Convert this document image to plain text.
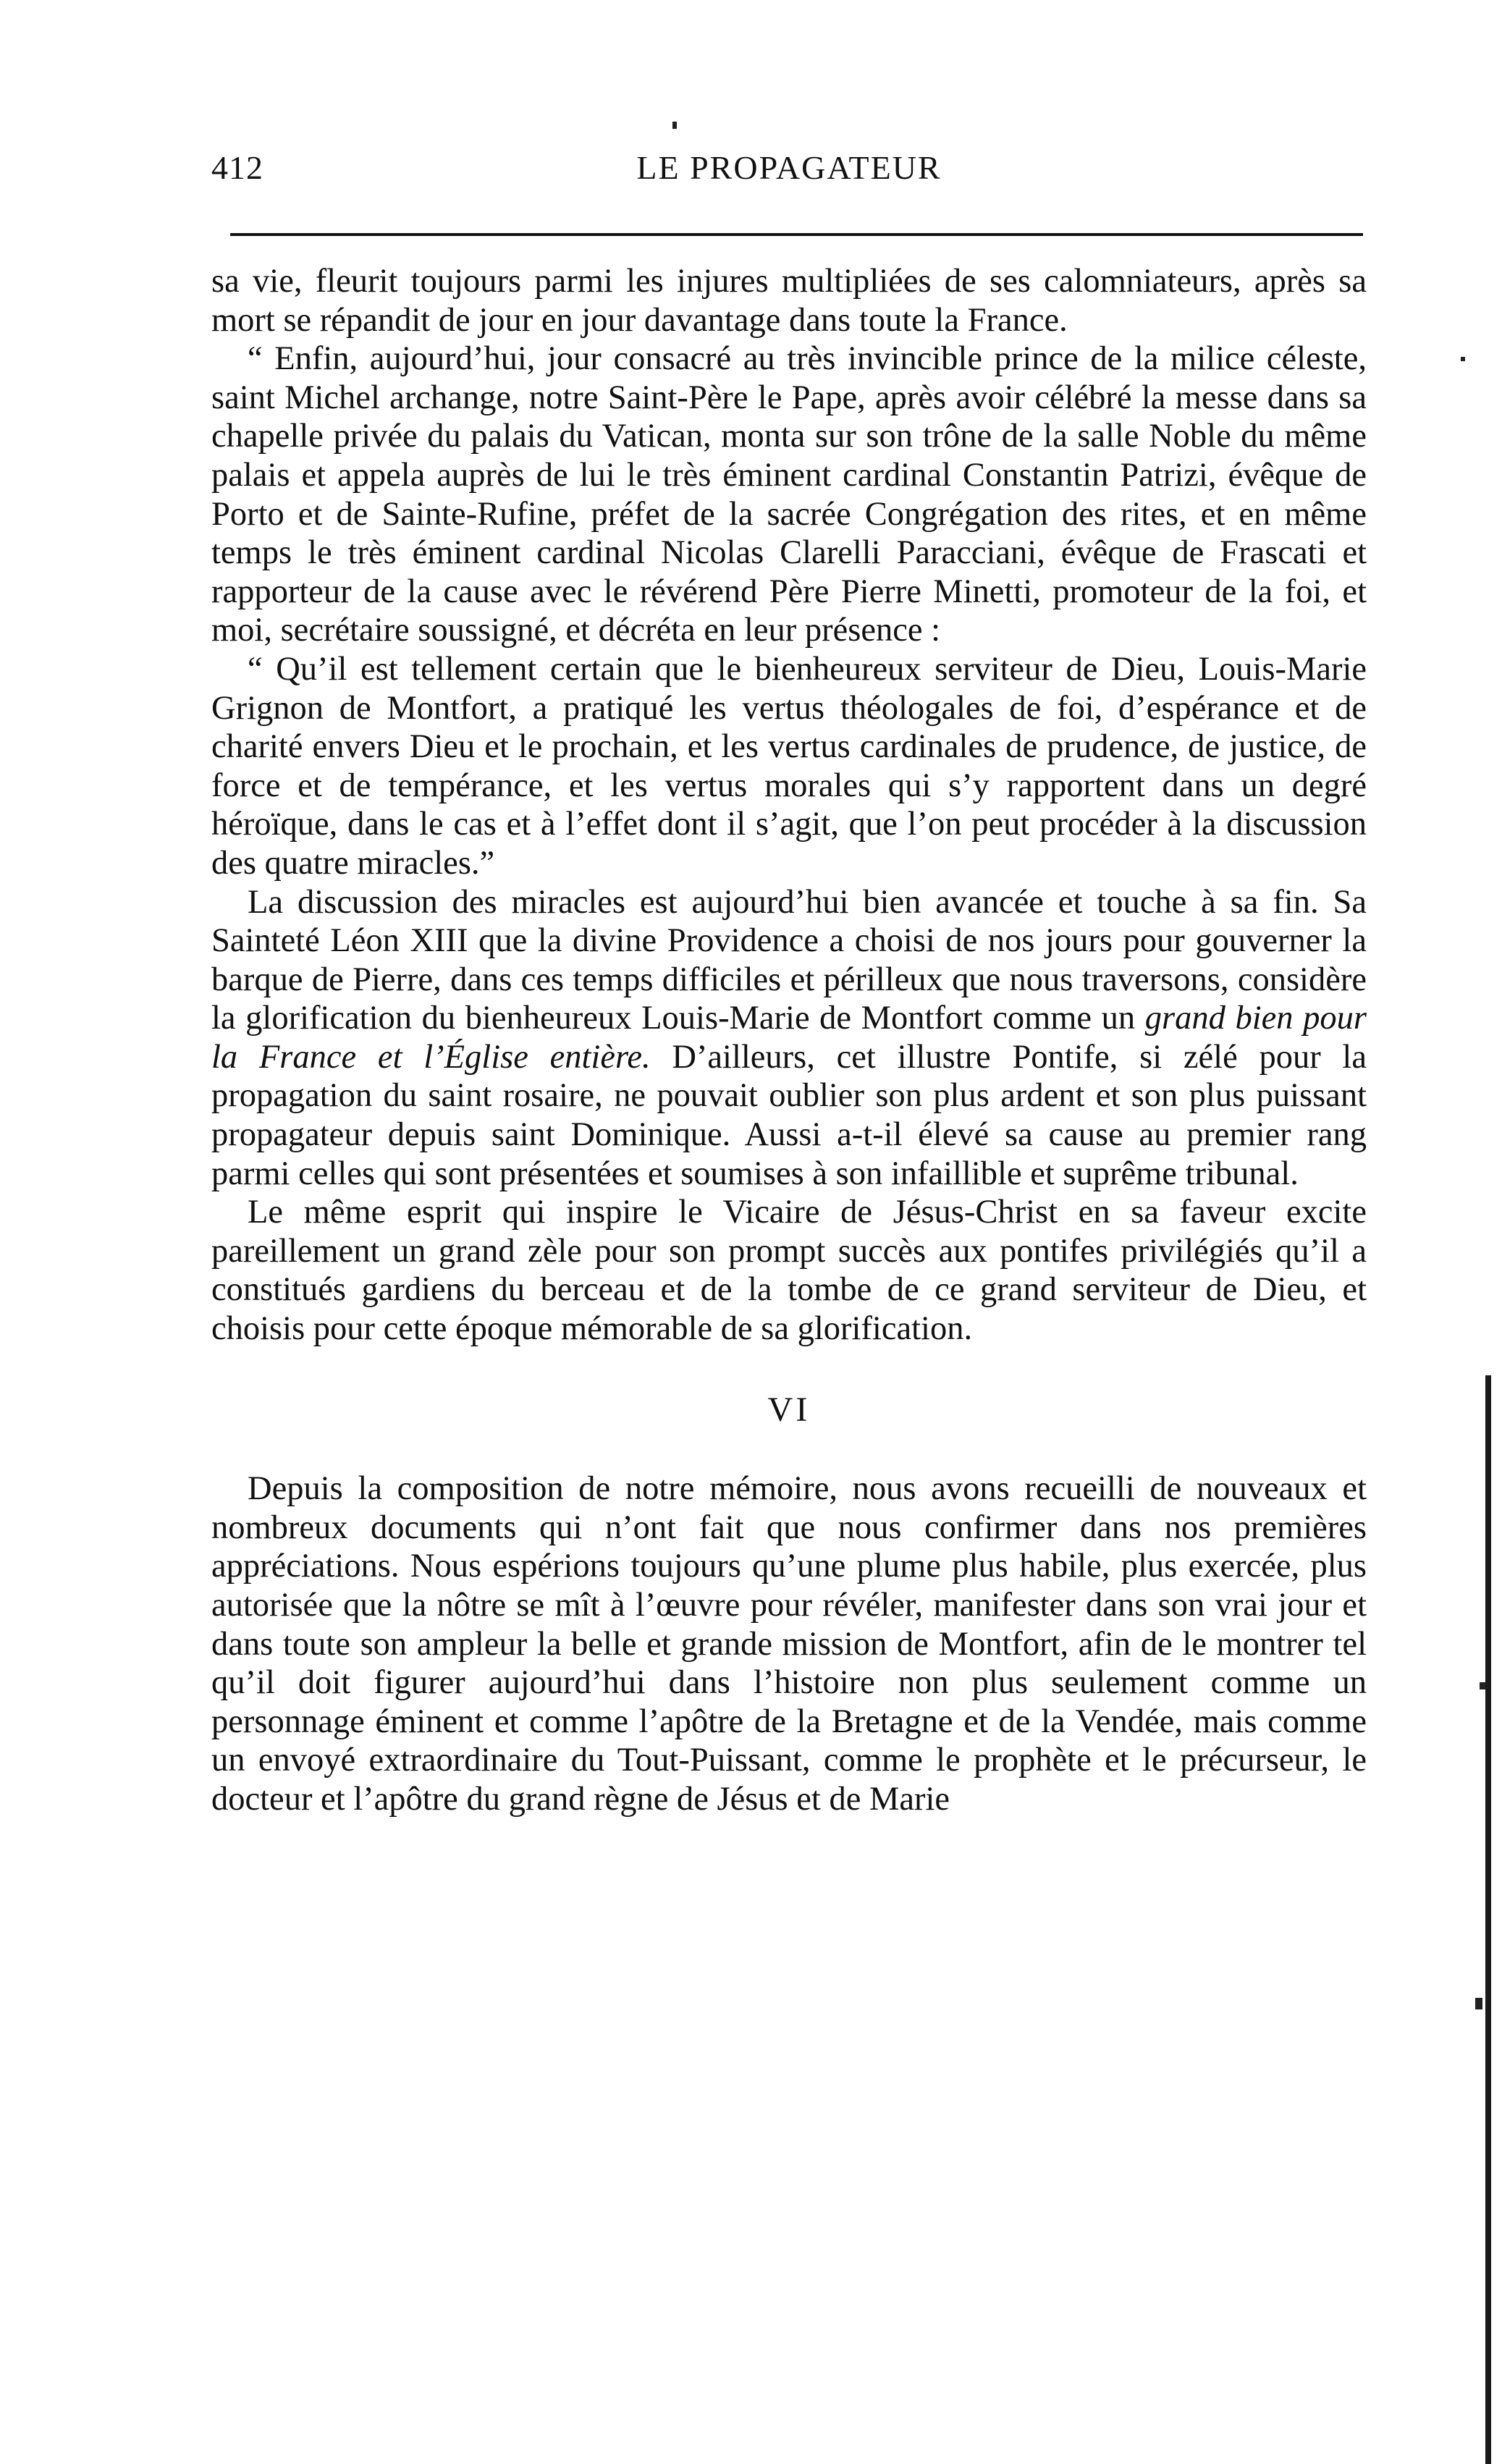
412	LE PROPAGATEUR

sa vie, fleurit toujours parmi les injures multipliées de ses calomniateurs, après sa mort se répandit de jour en jour davantage dans toute la France.

“ Enfin, aujourd’hui, jour consacré au très invincible prince de la milice céleste, saint Michel archange, notre Saint-Père le Pape, après avoir célébré la messe dans sa chapelle privée du palais du Vatican, monta sur son trône de la salle Noble du même palais et appela auprès de lui le très éminent cardinal Constantin Patrizi, évêque de Porto et de Sainte-Rufine, préfet de la sacrée Congrégation des rites, et en même temps le très éminent cardinal Nicolas Clarelli Paracciani, évêque de Frascati et rapporteur de la cause avec le révérend Père Pierre Minetti, promoteur de la foi, et moi, secrétaire soussigné, et décréta en leur présence :

“ Qu’il est tellement certain que le bienheureux serviteur de Dieu, Louis-Marie Grignon de Montfort, a pratiqué les vertus théologales de foi, d’espérance et de charité envers Dieu et le prochain, et les vertus cardinales de prudence, de justice, de force et de tempérance, et les vertus morales qui s’y rapportent dans un degré héroïque, dans le cas et à l’effet dont il s’agit, que l’on peut procéder à la discussion des quatre miracles.”

La discussion des miracles est aujourd’hui bien avancée et touche à sa fin. Sa Sainteté Léon XIII que la divine Providence a choisi de nos jours pour gouverner la barque de Pierre, dans ces temps difficiles et périlleux que nous traversons, considère la glorification du bienheureux Louis-Marie de Montfort comme un grand bien pour la France et l’Église entière. D’ailleurs, cet illustre Pontife, si zélé pour la propagation du saint rosaire, ne pouvait oublier son plus ardent et son plus puissant propagateur depuis saint Dominique. Aussi a-t-il élevé sa cause au premier rang parmi celles qui sont présentées et soumises à son infaillible et suprême tribunal.

Le même esprit qui inspire le Vicaire de Jésus-Christ en sa faveur excite pareillement un grand zèle pour son prompt succès aux pontifes privilégiés qu’il a constitués gardiens du berceau et de la tombe de ce grand serviteur de Dieu, et choisis pour cette époque mémorable de sa glorification.

VI

Depuis la composition de notre mémoire, nous avons recueilli de nouveaux et nombreux documents qui n’ont fait que nous confirmer dans nos premières appréciations. Nous espérions toujours qu’une plume plus habile, plus exercée, plus autorisée que la nôtre se mît à l’œuvre pour révéler, manifester dans son vrai jour et dans toute son ampleur la belle et grande mission de Montfort, afin de le montrer tel qu’il doit figurer aujourd’hui dans l’histoire non plus seulement comme un personnage éminent et comme l’apôtre de la Bretagne et de la Vendée, mais comme un envoyé extraordinaire du Tout-Puissant, comme le prophète et le précurseur, le docteur et l’apôtre du grand règne de Jésus et de Marie
